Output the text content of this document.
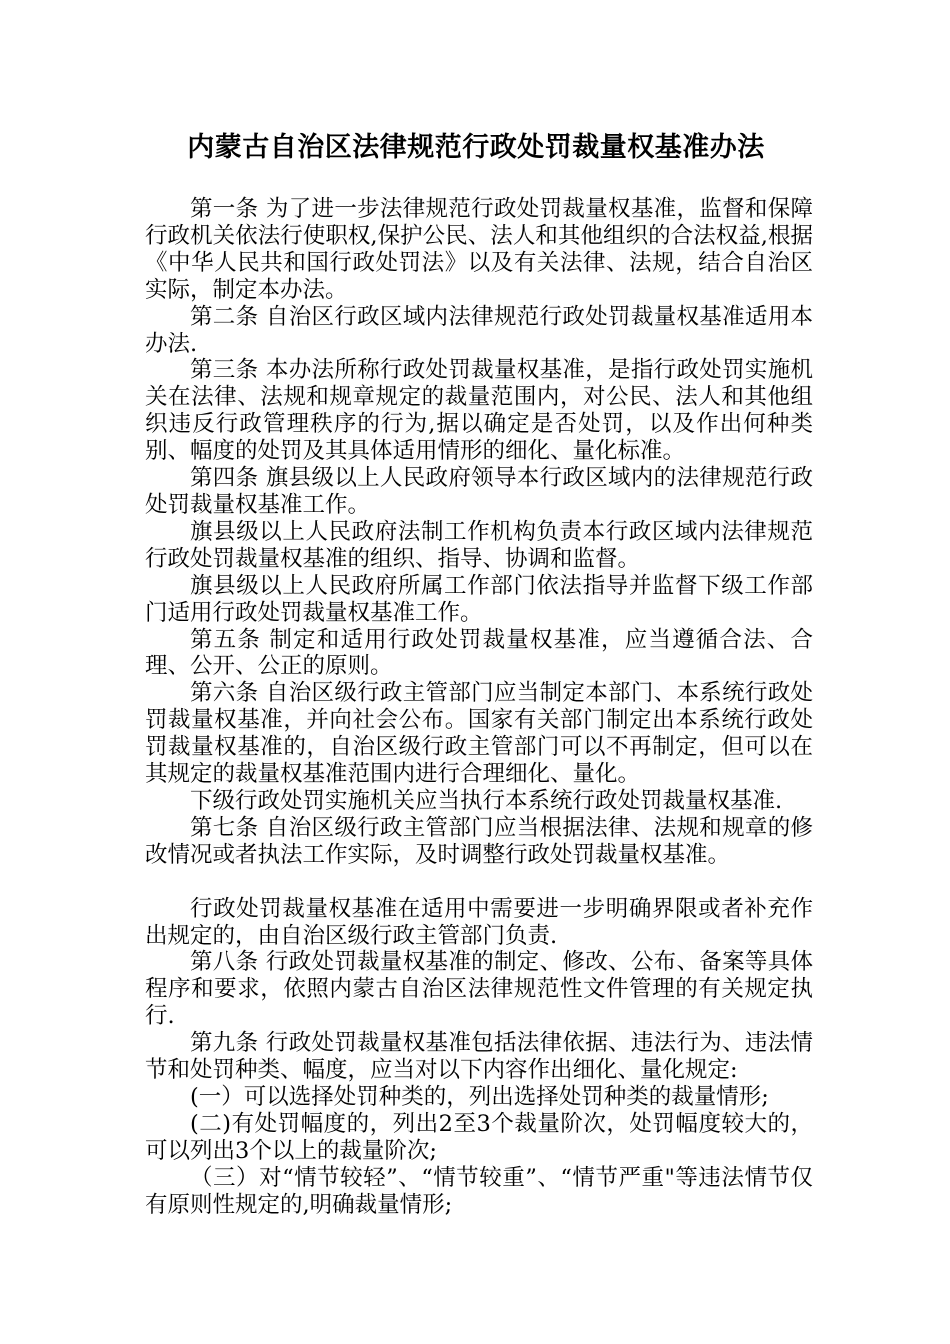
内蒙古自治区法律规范行政处罚裁量权基准办法

第一条 为了进一步法律规范行政处罚裁量权基准，监督和保障行政机关依法行使职权,保护公民、法人和其他组织的合法权益,根据《中华人民共和国行政处罚法》以及有关法律、法规，结合自治区实际，制定本办法。

第二条 自治区行政区域内法律规范行政处罚裁量权基准适用本办法.

第三条 本办法所称行政处罚裁量权基准，是指行政处罚实施机关在法律、法规和规章规定的裁量范围内，对公民、法人和其他组织违反行政管理秩序的行为,据以确定是否处罚，以及作出何种类别、幅度的处罚及其具体适用情形的细化、量化标准。

第四条 旗县级以上人民政府领导本行政区域内的法律规范行政处罚裁量权基准工作。

旗县级以上人民政府法制工作机构负责本行政区域内法律规范行政处罚裁量权基准的组织、指导、协调和监督。

旗县级以上人民政府所属工作部门依法指导并监督下级工作部门适用行政处罚裁量权基准工作。

第五条 制定和适用行政处罚裁量权基准，应当遵循合法、合理、公开、公正的原则。

第六条 自治区级行政主管部门应当制定本部门、本系统行政处罚裁量权基准，并向社会公布。国家有关部门制定出本系统行政处罚裁量权基准的，自治区级行政主管部门可以不再制定，但可以在其规定的裁量权基准范围内进行合理细化、量化。

下级行政处罚实施机关应当执行本系统行政处罚裁量权基准.

第七条 自治区级行政主管部门应当根据法律、法规和规章的修改情况或者执法工作实际，及时调整行政处罚裁量权基准。

行政处罚裁量权基准在适用中需要进一步明确界限或者补充作出规定的，由自治区级行政主管部门负责.

第八条 行政处罚裁量权基准的制定、修改、公布、备案等具体程序和要求，依照内蒙古自治区法律规范性文件管理的有关规定执行.

第九条 行政处罚裁量权基准包括法律依据、违法行为、违法情节和处罚种类、幅度，应当对以下内容作出细化、量化规定:

(一）可以选择处罚种类的，列出选择处罚种类的裁量情形;

(二)有处罚幅度的，列出2至3个裁量阶次，处罚幅度较大的，可以列出3个以上的裁量阶次;

（三）对“情节较轻”、“情节较重”、“情节严重"等违法情节仅有原则性规定的,明确裁量情形;
